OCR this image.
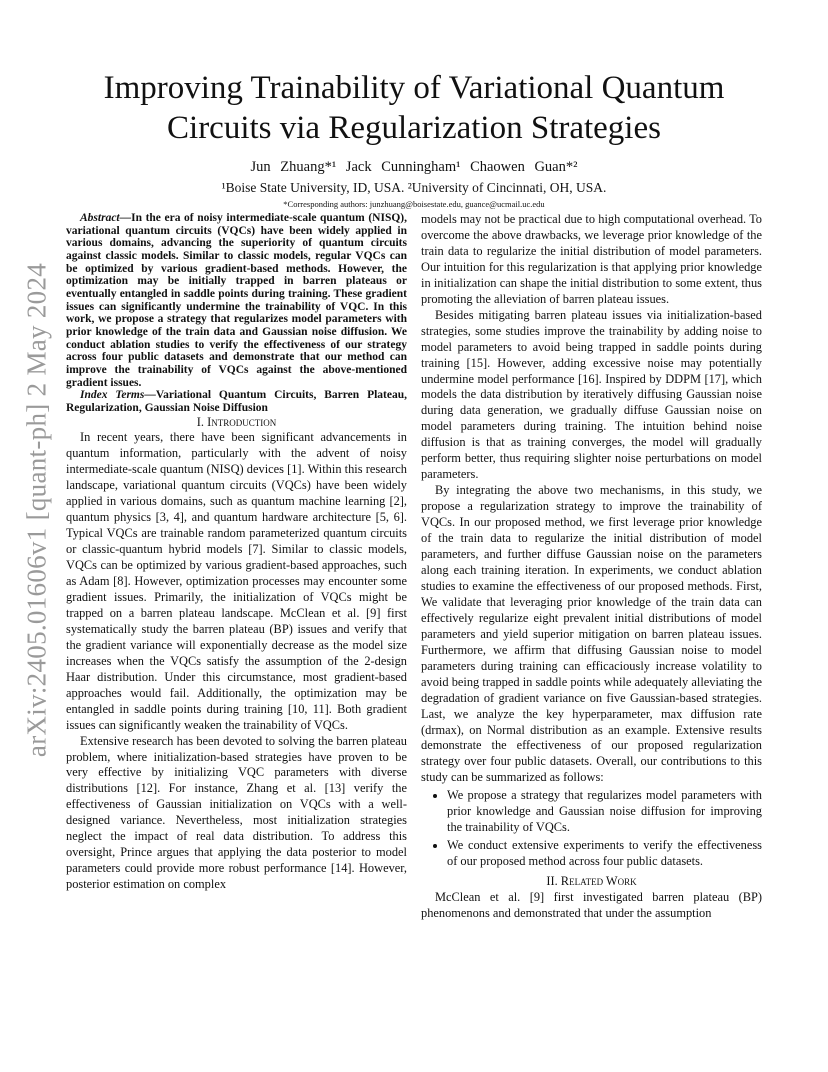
arXiv:2405.01606v1 [quant-ph] 2 May 2024
Improving Trainability of Variational Quantum Circuits via Regularization Strategies
Jun Zhuang*¹ Jack Cunningham¹ Chaowen Guan*²
¹Boise State University, ID, USA. ²University of Cincinnati, OH, USA.
*Corresponding authors: junzhuang@boisestate.edu, guance@ucmail.uc.edu

Abstract—In the era of noisy intermediate-scale quantum (NISQ), variational quantum circuits (VQCs) have been widely applied in various domains, advancing the superiority of quantum circuits against classic models. Similar to classic models, regular VQCs can be optimized by various gradient-based methods. However, the optimization may be initially trapped in barren plateaus or eventually entangled in saddle points during training. These gradient issues can significantly undermine the trainability of VQC. In this work, we propose a strategy that regularizes model parameters with prior knowledge of the train data and Gaussian noise diffusion. We conduct ablation studies to verify the effectiveness of our strategy across four public datasets and demonstrate that our method can improve the trainability of VQCs against the above-mentioned gradient issues.

Index Terms—Variational Quantum Circuits, Barren Plateau, Regularization, Gaussian Noise Diffusion

I. Introduction

In recent years, there have been significant advancements in quantum information, particularly with the advent of noisy intermediate-scale quantum (NISQ) devices [1]. Within this research landscape, variational quantum circuits (VQCs) have been widely applied in various domains, such as quantum machine learning [2], quantum physics [3, 4], and quantum hardware architecture [5, 6]. Typical VQCs are trainable random parameterized quantum circuits or classic-quantum hybrid models [7]. Similar to classic models, VQCs can be optimized by various gradient-based approaches, such as Adam [8]. However, optimization processes may encounter some gradient issues. Primarily, the initialization of VQCs might be trapped on a barren plateau landscape. McClean et al. [9] first systematically study the barren plateau (BP) issues and verify that the gradient variance will exponentially decrease as the model size increases when the VQCs satisfy the assumption of the 2-design Haar distribution. Under this circumstance, most gradient-based approaches would fail. Additionally, the optimization may be entangled in saddle points during training [10, 11]. Both gradient issues can significantly weaken the trainability of VQCs.

Extensive research has been devoted to solving the barren plateau problem, where initialization-based strategies have proven to be very effective by initializing VQC parameters with diverse distributions [12]. For instance, Zhang et al. [13] verify the effectiveness of Gaussian initialization on VQCs with a well-designed variance. Nevertheless, most initialization strategies neglect the impact of real data distribution. To address this oversight, Prince argues that applying the data posterior to model parameters could provide more robust performance [14]. However, posterior estimation on complex

models may not be practical due to high computational overhead. To overcome the above drawbacks, we leverage prior knowledge of the train data to regularize the initial distribution of model parameters. Our intuition for this regularization is that applying prior knowledge in initialization can shape the initial distribution to some extent, thus promoting the alleviation of barren plateau issues.

Besides mitigating barren plateau issues via initialization-based strategies, some studies improve the trainability by adding noise to model parameters to avoid being trapped in saddle points during training [15]. However, adding excessive noise may potentially undermine model performance [16]. Inspired by DDPM [17], which models the data distribution by iteratively diffusing Gaussian noise during data generation, we gradually diffuse Gaussian noise on model parameters during training. The intuition behind noise diffusion is that as training converges, the model will gradually perform better, thus requiring slighter noise perturbations on model parameters.

By integrating the above two mechanisms, in this study, we propose a regularization strategy to improve the trainability of VQCs. In our proposed method, we first leverage prior knowledge of the train data to regularize the initial distribution of model parameters, and further diffuse Gaussian noise on the parameters along each training iteration. In experiments, we conduct ablation studies to examine the effectiveness of our proposed methods. First, We validate that leveraging prior knowledge of the train data can effectively regularize eight prevalent initial distributions of model parameters and yield superior mitigation on barren plateau issues. Furthermore, we affirm that diffusing Gaussian noise to model parameters during training can efficaciously increase volatility to avoid being trapped in saddle points while adequately alleviating the degradation of gradient variance on five Gaussian-based strategies. Last, we analyze the key hyperparameter, max diffusion rate (drmax), on Normal distribution as an example. Extensive results demonstrate the effectiveness of our proposed regularization strategy over four public datasets. Overall, our contributions to this study can be summarized as follows:

• We propose a strategy that regularizes model parameters with prior knowledge and Gaussian noise diffusion for improving the trainability of VQCs.
• We conduct extensive experiments to verify the effectiveness of our proposed method across four public datasets.

II. Related Work

McClean et al. [9] first investigated barren plateau (BP) phenomenons and demonstrated that under the assumption
